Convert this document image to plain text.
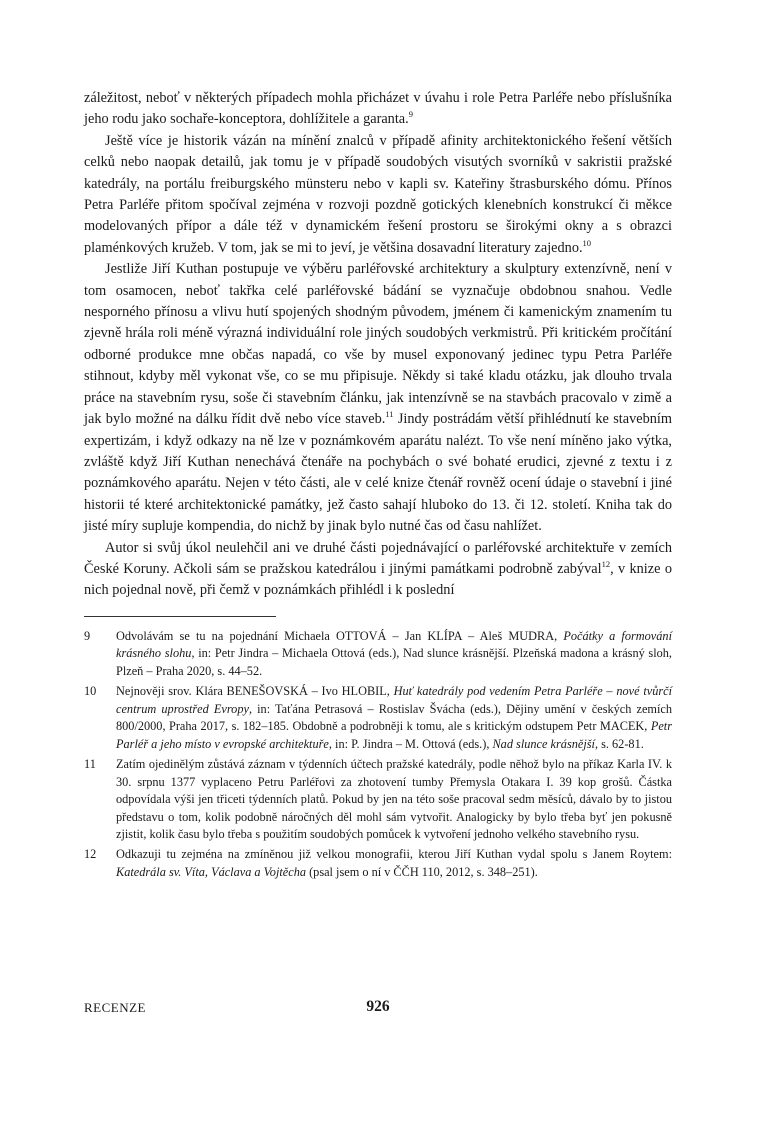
záležitost, neboť v některých případech mohla přicházet v úvahu i role Petra Parléře nebo příslušníka jeho rodu jako sochaře-konceptora, dohlížitele a garanta.$^9$

Ještě více je historik vázán na mínění znalců v případě afinity architektonického řešení větších celků nebo naopak detailů, jak tomu je v případě soudobých visutých svorníků v sakristii pražské katedrály, na portálu freiburgského münsteru nebo v kapli sv. Kateřiny štrasburského dómu. Přínos Petra Parléře přitom spočíval zejména v rozvoji pozdně gotických klenebních konstrukcí či měkce modelovaných přípor a dále též v dynamickém řešení prostoru se širokými okny a s obrazci plaménkových kružeb. V tom, jak se mi to jeví, je většina dosavadní literatury zajedno.$^{10}$

Jestliže Jiří Kuthan postupuje ve výběru parléřovské architektury a skulptury extenzívně, není v tom osamocen, neboť takřka celé parléřovské bádání se vyznačuje obdobnou snahou. Vedle nesporného přínosu a vlivu hutí spojených shodným původem, jménem či kamenickým znamením tu zjevně hrála roli méně výrazná individuální role jiných soudobých verkmistrů. Při kritickém pročítání odborné produkce mne občas napadá, co vše by musel exponovaný jedinec typu Petra Parléře stihnout, kdyby měl vykonat vše, co se mu připisuje. Někdy si také kladu otázku, jak dlouho trvala práce na stavebním rysu, soše či stavebním článku, jak intenzívně se na stavbách pracovalo v zimě a jak bylo možné na dálku řídit dvě nebo více staveb.$^{11}$ Jindy postrádám větší přihlédnutí ke stavebním expertizám, i když odkazy na ně lze v poznámkovém aparátu nalézt. To vše není míněno jako výtka, zvláště když Jiří Kuthan nenechává čtenáře na pochybách o své bohaté erudici, zjevné z textu i z poznámkového aparátu. Nejen v této části, ale v celé knize čtenář rovněž ocení údaje o stavební i jiné historii té které architektonické památky, jež často sahají hluboko do 13. či 12. století. Kniha tak do jisté míry supluje kompendia, do nichž by jinak bylo nutné čas od času nahlížet.

Autor si svůj úkol neulehčil ani ve druhé části pojednávající o parléřovské architektuře v zemích České Koruny. Ačkoli sám se pražskou katedrálou i jinými památkami podrobně zabýval$^{12}$, v knize o nich pojednal nově, při čemž v poznámkách přihlédl i k poslední

9	Odvolávám se tu na pojednání Michaela OTTOVÁ – Jan KLÍPA – Aleš MUDRA, Počátky a formování krásného slohu, in: Petr Jindra – Michaela Ottová (eds.), Nad slunce krásnější. Plzeňská madona a krásný sloh, Plzeň – Praha 2020, s. 44–52.
10	Nejnověji srov. Klára BENEŠOVSKÁ – Ivo HLOBIL, Huť katedrály pod vedením Petra Parléře – nové tvůrčí centrum uprostřed Evropy, in: Taťána Petrasová – Rostislav Švácha (eds.), Dějiny umění v českých zemích 800/2000, Praha 2017, s. 182–185. Obdobně a podrobněji k tomu, ale s kritickým odstupem Petr MACEK, Petr Parléř a jeho místo v evropské architektuře, in: P. Jindra – M. Ottová (eds.), Nad slunce krásnější, s. 62-81.
11	Zatím ojedinělým zůstává záznam v týdenních účtech pražské katedrály, podle něhož bylo na příkaz Karla IV. k 30. srpnu 1377 vyplaceno Petru Parléřovi za zhotovení tumby Přemysla Otakara I. 39 kop grošů. Částka odpovídala výši jen třiceti týdenních platů. Pokud by jen na této soše pracoval sedm měsíců, dávalo by to jistou představu o tom, kolik podobně náročných děl mohl sám vytvořit. Analogicky by bylo třeba byť jen pokusně zjistit, kolik času bylo třeba s použitím soudobých pomůcek k vytvoření jednoho velkého stavebního rysu.
12	Odkazuji tu zejména na zmíněnou již velkou monografii, kterou Jiří Kuthan vydal spolu s Janem Roytem: Katedrála sv. Víta, Václava a Vojtěcha (psal jsem o ní v ČČH 110, 2012, s. 348–251).
RECENZE	926
